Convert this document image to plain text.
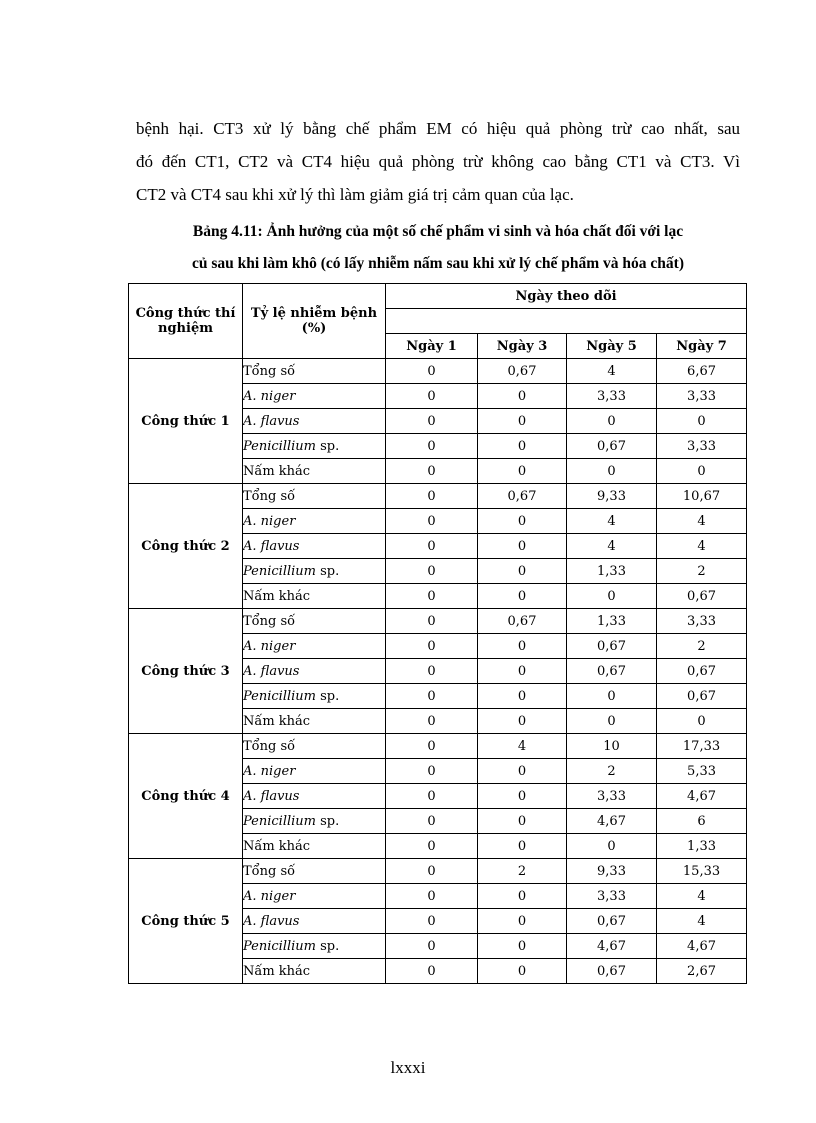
bệnh hại. CT3 xử lý bằng chế phẩm EM có hiệu quả phòng trừ cao nhất, sau
đó đến CT1, CT2 và CT4 hiệu quả phòng trừ không cao bằng CT1 và CT3. Vì
CT2 và CT4 sau khi xử lý thì làm giảm giá trị cảm quan của lạc.
Bảng 4.11: Ảnh hưởng của một số chế phẩm vi sinh và hóa chất đối với lạc
củ sau khi làm khô (có lấy nhiễm nấm sau khi xử lý chế phẩm và hóa chất)
Công thức thí nghiệm	Tỷ lệ nhiễm bệnh (%)	Ngày theo dõi			

		Ngày 1	Ngày 3	Ngày 5	Ngày 7
Công thức 1	Tổng số	0	0,67	4	6,67
	A. niger	0	0	3,33	3,33
	A. flavus	0	0	0	0
	Penicillium sp.	0	0	0,67	3,33
	Nấm khác	0	0	0	0
Công thức 2	Tổng số	0	0,67	9,33	10,67
	A. niger	0	0	4	4
	A. flavus	0	0	4	4
	Penicillium sp.	0	0	1,33	2
	Nấm khác	0	0	0	0,67
Công thức 3	Tổng số	0	0,67	1,33	3,33
	A. niger	0	0	0,67	2
	A. flavus	0	0	0,67	0,67
	Penicillium sp.	0	0	0	0,67
	Nấm khác	0	0	0	0
Công thức 4	Tổng số	0	4	10	17,33
	A. niger	0	0	2	5,33
	A. flavus	0	0	3,33	4,67
	Penicillium sp.	0	0	4,67	6
	Nấm khác	0	0	0	1,33
Công thức 5	Tổng số	0	2	9,33	15,33
	A. niger	0	0	3,33	4
	A. flavus	0	0	0,67	4
	Penicillium sp.	0	0	4,67	4,67
	Nấm khác	0	0	0,67	2,67
lxxxi
